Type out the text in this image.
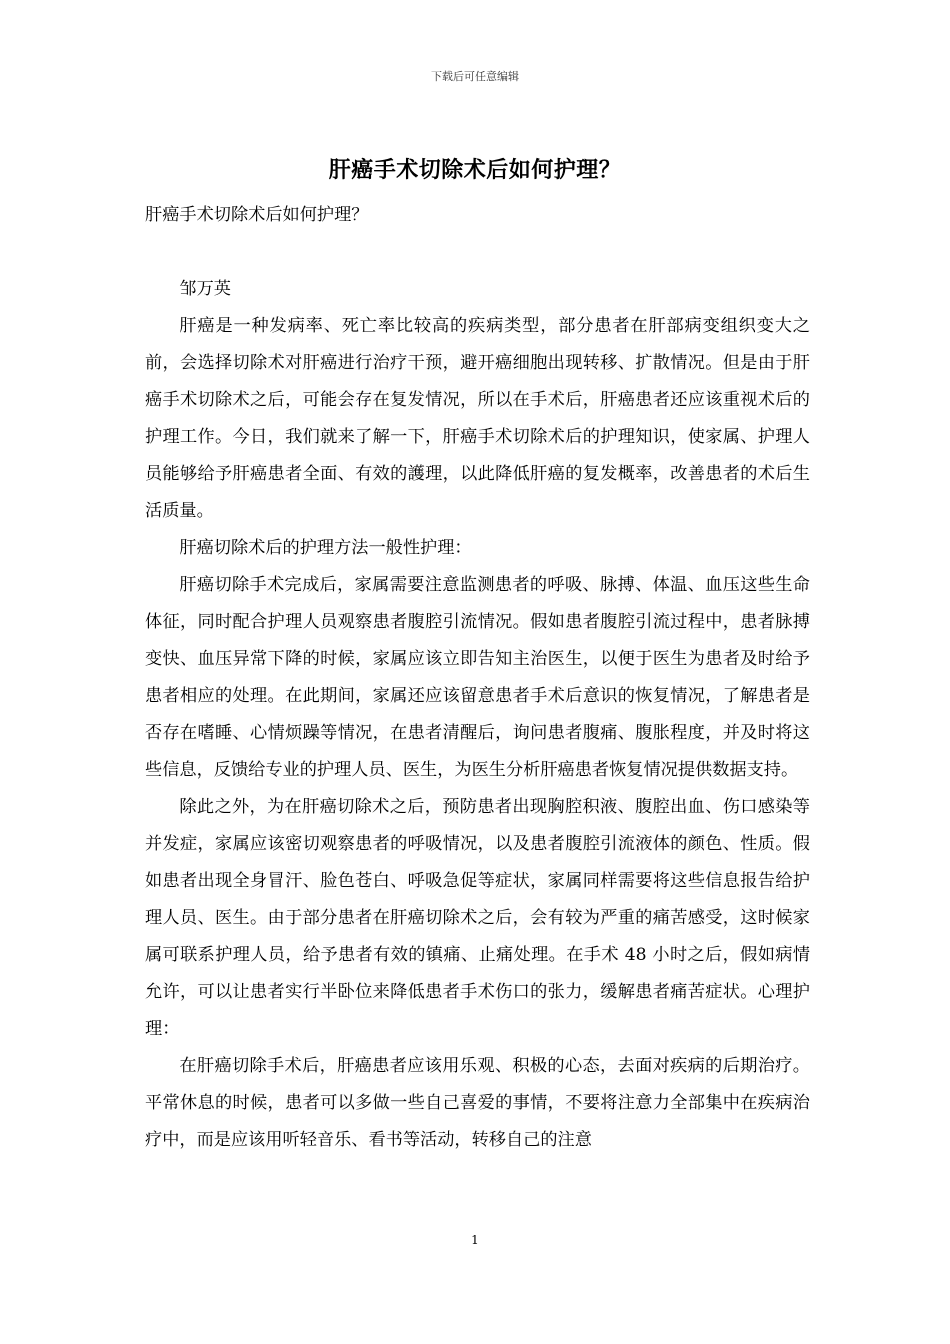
下载后可任意编辑
肝癌手术切除术后如何护理？

肝癌手术切除术后如何护理？

邹万英

肝癌是一种发病率、死亡率比较高的疾病类型，部分患者在肝部病变组织变大之前，会选择切除术对肝癌进行治疗干预，避开癌细胞出现转移、扩散情况。但是由于肝癌手术切除术之后，可能会存在复发情况，所以在手术后，肝癌患者还应该重视术后的护理工作。今日，我们就来了解一下，肝癌手术切除术后的护理知识，使家属、护理人员能够给予肝癌患者全面、有效的護理，以此降低肝癌的复发概率，改善患者的术后生活质量。

肝癌切除术后的护理方法一般性护理：

肝癌切除手术完成后，家属需要注意监测患者的呼吸、脉搏、体温、血压这些生命体征，同时配合护理人员观察患者腹腔引流情况。假如患者腹腔引流过程中，患者脉搏变快、血压异常下降的时候，家属应该立即告知主治医生，以便于医生为患者及时给予患者相应的处理。在此期间，家属还应该留意患者手术后意识的恢复情况，了解患者是否存在嗜睡、心情烦躁等情况，在患者清醒后，询问患者腹痛、腹胀程度，并及时将这些信息，反馈给专业的护理人员、医生，为医生分析肝癌患者恢复情况提供数据支持。

除此之外，为在肝癌切除术之后，预防患者出现胸腔积液、腹腔出血、伤口感染等并发症，家属应该密切观察患者的呼吸情况，以及患者腹腔引流液体的颜色、性质。假如患者出现全身冒汗、脸色苍白、呼吸急促等症状，家属同样需要将这些信息报告给护理人员、医生。由于部分患者在肝癌切除术之后，会有较为严重的痛苦感受，这时候家属可联系护理人员，给予患者有效的镇痛、止痛处理。在手术 48 小时之后，假如病情允许，可以让患者实行半卧位来降低患者手术伤口的张力，缓解患者痛苦症状。心理护理：

在肝癌切除手术后，肝癌患者应该用乐观、积极的心态，去面对疾病的后期治疗。平常休息的时候，患者可以多做一些自己喜爱的事情，不要将注意力全部集中在疾病治疗中，而是应该用听轻音乐、看书等活动，转移自己的注意

1
